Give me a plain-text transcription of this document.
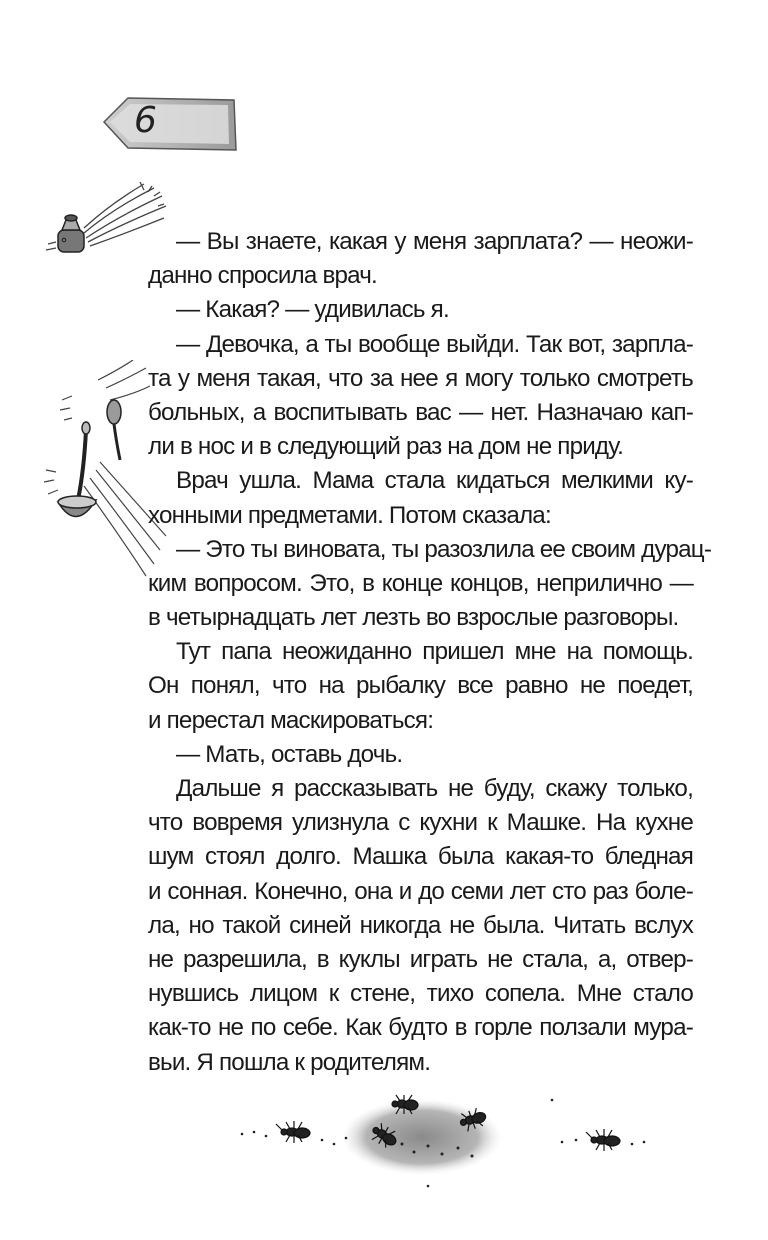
6
— Вы знаете, какая у меня зарплата? — неожи-
данно спросила врач.
— Какая? — удивилась я.
— Девочка, а ты вообще выйди. Так вот, зарпла-
та у меня такая, что за нее я могу только смотреть
больных, а воспитывать вас — нет. Назначаю кап-
ли в нос и в следующий раз на дом не приду.
Врач ушла. Мама стала кидаться мелкими ку-
хонными предметами. Потом сказала:
— Это ты виновата, ты разозлила ее своим дурац-
ким вопросом. Это, в конце концов, неприлично —
в четырнадцать лет лезть во взрослые разговоры.
Тут папа неожиданно пришел мне на помощь.
Он понял, что на рыбалку все равно не поедет,
и перестал маскироваться:
— Мать, оставь дочь.
Дальше я рассказывать не буду, скажу только,
что вовремя улизнула с кухни к Машке. На кухне
шум стоял долго. Машка была какая-то бледная
и сонная. Конечно, она и до семи лет сто раз боле-
ла, но такой синей никогда не была. Читать вслух
не разрешила, в куклы играть не стала, а, отвер-
нувшись лицом к стене, тихо сопела. Мне стало
как-то не по себе. Как будто в горле ползали мура-
вьи. Я пошла к родителям.
